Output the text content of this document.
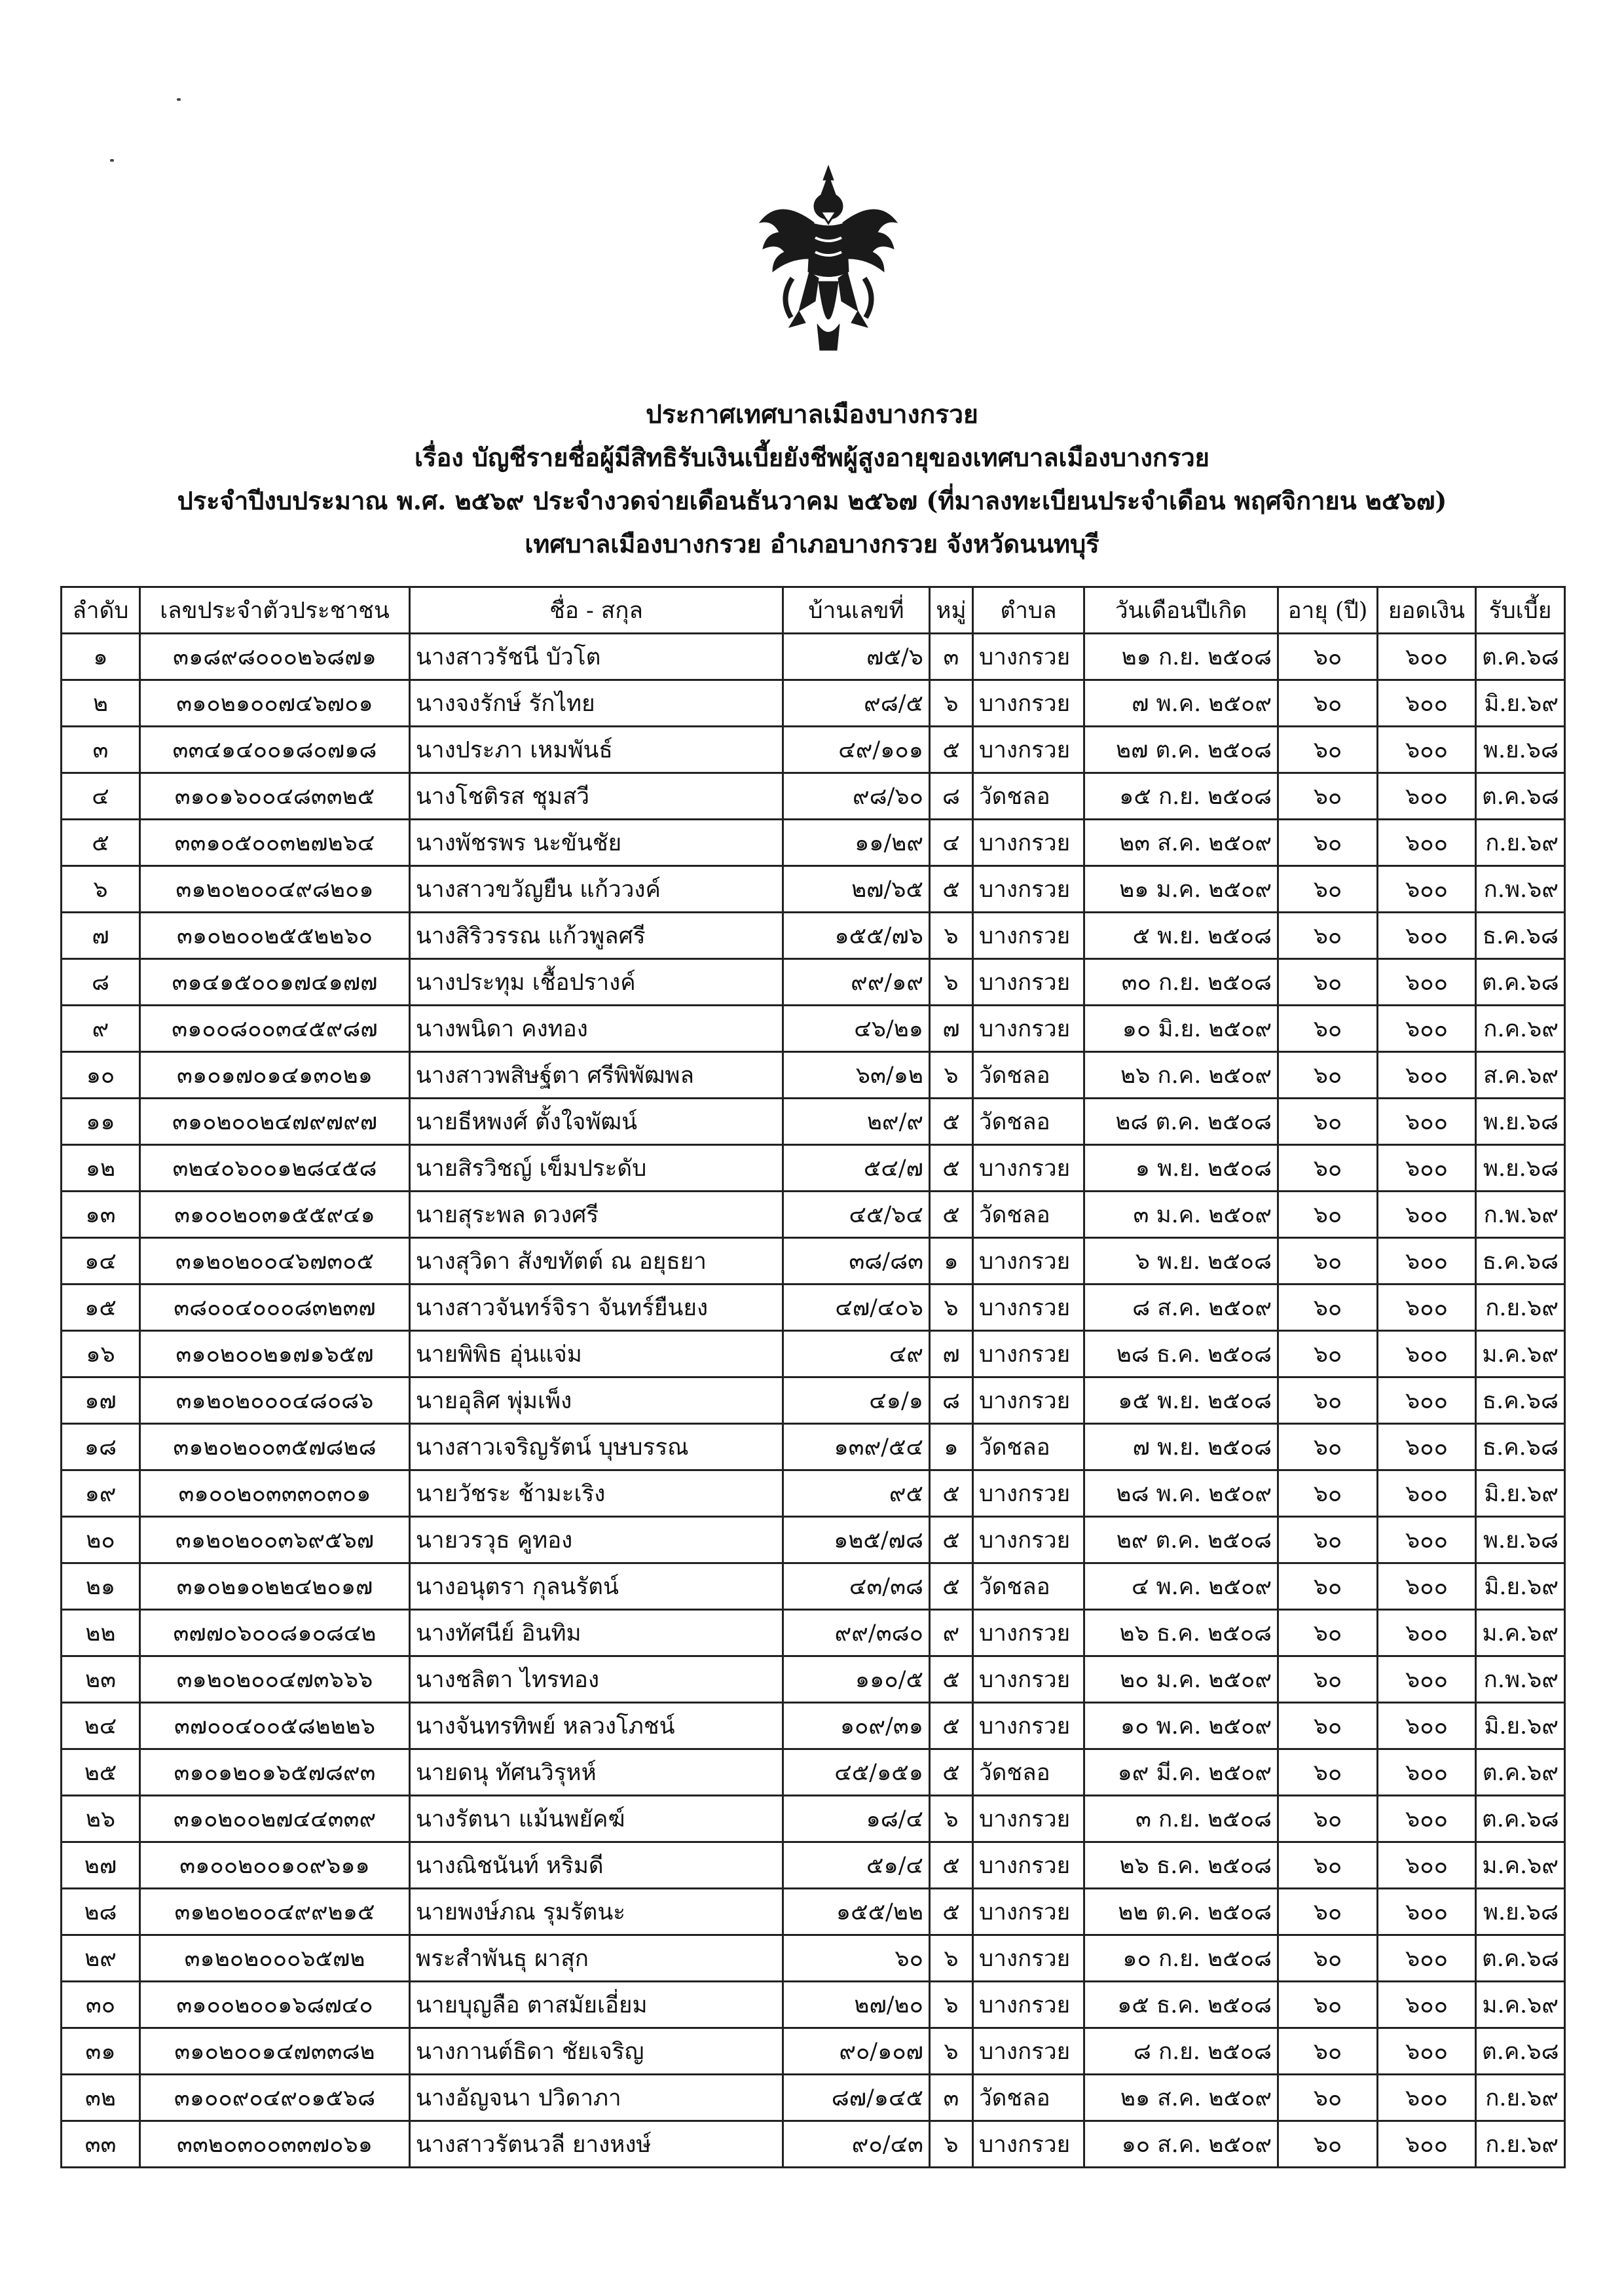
ประกาศเทศบาลเมืองบางกรวย
เรื่อง บัญชีรายชื่อผู้มีสิทธิรับเงินเบี้ยยังชีพผู้สูงอายุของเทศบาลเมืองบางกรวย
ประจำปีงบประมาณ พ.ศ. ๒๕๖๙ ประจำงวดจ่ายเดือนธันวาคม ๒๕๖๗ (ที่มาลงทะเบียนประจำเดือน พฤศจิกายน ๒๕๖๗)
เทศบาลเมืองบางกรวย อำเภอบางกรวย จังหวัดนนทบุรี
ลำดับ	เลขประจำตัวประชาชน	ชื่อ - สกุล	บ้านเลขที่	หมู่	ตำบล	วันเดือนปีเกิด	อายุ (ปี)	ยอดเงิน	รับเบี้ย
๑	๓๑๘๙๘๐๐๐๒๖๘๗๑	นางสาวรัชนี บัวโต	๗๕/๖	๓	บางกรวย	๒๑ ก.ย. ๒๕๐๘	๖๐	๖๐๐	ต.ค.๖๘
๒	๓๑๐๒๑๐๐๗๔๖๗๐๑	นางจงรักษ์ รักไทย	๙๘/๕	๖	บางกรวย	๗ พ.ค. ๒๕๐๙	๖๐	๖๐๐	มิ.ย.๖๙
๓	๓๓๔๑๔๐๐๑๘๐๗๑๘	นางประภา เหมพันธ์	๔๙/๑๐๑	๕	บางกรวย	๒๗ ต.ค. ๒๕๐๘	๖๐	๖๐๐	พ.ย.๖๘
๔	๓๑๐๑๖๐๐๔๘๓๓๒๕	นางโชติรส ชุมสวี	๙๘/๖๐	๘	วัดชลอ	๑๕ ก.ย. ๒๕๐๘	๖๐	๖๐๐	ต.ค.๖๘
๕	๓๓๑๐๕๐๐๓๒๗๒๖๔	นางพัชรพร นะขันชัย	๑๑/๒๙	๔	บางกรวย	๒๓ ส.ค. ๒๕๐๙	๖๐	๖๐๐	ก.ย.๖๙
๖	๓๑๒๐๒๐๐๔๙๘๒๐๑	นางสาวขวัญยืน แก้ววงค์	๒๗/๖๕	๕	บางกรวย	๒๑ ม.ค. ๒๕๐๙	๖๐	๖๐๐	ก.พ.๖๙
๗	๓๑๐๒๐๐๒๕๕๒๒๖๐	นางสิริวรรณ แก้วพูลศรี	๑๕๕/๗๖	๖	บางกรวย	๕ พ.ย. ๒๕๐๘	๖๐	๖๐๐	ธ.ค.๖๘
๘	๓๑๔๑๕๐๐๑๗๔๑๗๗	นางประทุม เชื้อปรางค์	๙๙/๑๙	๖	บางกรวย	๓๐ ก.ย. ๒๕๐๘	๖๐	๖๐๐	ต.ค.๖๘
๙	๓๑๐๐๘๐๐๓๔๕๙๘๗	นางพนิดา คงทอง	๔๖/๒๑	๗	บางกรวย	๑๐ มิ.ย. ๒๕๐๙	๖๐	๖๐๐	ก.ค.๖๙
๑๐	๓๑๐๑๗๐๑๔๑๓๐๒๑	นางสาวพสิษฐ์ตา ศรีพิพัฒพล	๖๓/๑๒	๖	วัดชลอ	๒๖ ก.ค. ๒๕๐๙	๖๐	๖๐๐	ส.ค.๖๙
๑๑	๓๑๐๒๐๐๒๔๗๙๗๙๗	นายธีหพงศ์ ตั้งใจพัฒน์	๒๙/๙	๕	วัดชลอ	๒๘ ต.ค. ๒๕๐๘	๖๐	๖๐๐	พ.ย.๖๘
๑๒	๓๒๔๐๖๐๐๑๒๘๔๕๘	นายสิรวิชญ์ เข็มประดับ	๕๔/๗	๕	บางกรวย	๑ พ.ย. ๒๕๐๘	๖๐	๖๐๐	พ.ย.๖๘
๑๓	๓๑๐๐๒๐๓๑๕๕๙๔๑	นายสุระพล ดวงศรี	๔๕/๖๔	๕	วัดชลอ	๓ ม.ค. ๒๕๐๙	๖๐	๖๐๐	ก.พ.๖๙
๑๔	๓๑๒๐๒๐๐๔๖๗๓๐๕	นางสุวิดา สังขทัตต์ ณ อยุธยา	๓๘/๘๓	๑	บางกรวย	๖ พ.ย. ๒๕๐๘	๖๐	๖๐๐	ธ.ค.๖๘
๑๕	๓๘๐๐๔๐๐๐๘๓๒๓๗	นางสาวจันทร์จิรา จันทร์ยืนยง	๔๗/๔๐๖	๖	บางกรวย	๘ ส.ค. ๒๕๐๙	๖๐	๖๐๐	ก.ย.๖๙
๑๖	๓๑๐๒๐๐๒๑๗๑๖๕๗	นายพิพิธ อุ่นแจ่ม	๔๙	๗	บางกรวย	๒๘ ธ.ค. ๒๕๐๘	๖๐	๖๐๐	ม.ค.๖๙
๑๗	๓๑๒๐๒๐๐๐๔๘๐๘๖	นายอุลิศ พุ่มเพ็ง	๔๑/๑	๘	บางกรวย	๑๕ พ.ย. ๒๕๐๘	๖๐	๖๐๐	ธ.ค.๖๘
๑๘	๓๑๒๐๒๐๐๓๕๗๘๒๘	นางสาวเจริญรัตน์ บุษบรรณ	๑๓๙/๕๔	๑	วัดชลอ	๗ พ.ย. ๒๕๐๘	๖๐	๖๐๐	ธ.ค.๖๘
๑๙	๓๑๐๐๒๐๓๓๓๐๓๐๑	นายวัชระ ช้ามะเริง	๙๕	๕	บางกรวย	๒๘ พ.ค. ๒๕๐๙	๖๐	๖๐๐	มิ.ย.๖๙
๒๐	๓๑๒๐๒๐๐๓๖๙๕๖๗	นายวรวุธ คูทอง	๑๒๕/๗๘	๕	บางกรวย	๒๙ ต.ค. ๒๕๐๘	๖๐	๖๐๐	พ.ย.๖๘
๒๑	๓๑๐๒๑๐๒๒๔๒๐๑๗	นางอนุตรา กุลนรัตน์	๔๓/๓๘	๕	วัดชลอ	๔ พ.ค. ๒๕๐๙	๖๐	๖๐๐	มิ.ย.๖๙
๒๒	๓๗๗๐๖๐๐๘๑๐๘๔๒	นางทัศนีย์ อินทิม	๙๙/๓๘๐	๙	บางกรวย	๒๖ ธ.ค. ๒๕๐๘	๖๐	๖๐๐	ม.ค.๖๙
๒๓	๓๑๒๐๒๐๐๔๗๓๖๖๖	นางชลิตา ไทรทอง	๑๑๐/๕	๕	บางกรวย	๒๐ ม.ค. ๒๕๐๙	๖๐	๖๐๐	ก.พ.๖๙
๒๔	๓๗๐๐๔๐๐๕๘๒๒๒๖	นางจันทรทิพย์ หลวงโภชน์	๑๐๙/๓๑	๕	บางกรวย	๑๐ พ.ค. ๒๕๐๙	๖๐	๖๐๐	มิ.ย.๖๙
๒๕	๓๑๐๑๒๐๑๖๕๗๘๙๓	นายดนุ ทัศนวิรุหห์	๔๕/๑๕๑	๕	วัดชลอ	๑๙ มี.ค. ๒๕๐๙	๖๐	๖๐๐	ต.ค.๖๙
๒๖	๓๑๐๒๐๐๒๗๔๔๓๓๙	นางรัตนา แม้นพยัคฆ์	๑๘/๔	๖	บางกรวย	๓ ก.ย. ๒๕๐๘	๖๐	๖๐๐	ต.ค.๖๘
๒๗	๓๑๐๐๒๐๐๑๐๙๖๑๑	นางณิชนันท์ หริมดี	๕๑/๔	๕	บางกรวย	๒๖ ธ.ค. ๒๕๐๘	๖๐	๖๐๐	ม.ค.๖๙
๒๘	๓๑๒๐๒๐๐๔๙๙๒๑๕	นายพงษ์ภณ รุมรัตนะ	๑๕๕/๒๒	๕	บางกรวย	๒๒ ต.ค. ๒๕๐๘	๖๐	๖๐๐	พ.ย.๖๘
๒๙	๓๑๒๐๒๐๐๐๖๕๗๒	พระสำพันธุ ผาสุก	๖๐	๖	บางกรวย	๑๐ ก.ย. ๒๕๐๘	๖๐	๖๐๐	ต.ค.๖๘
๓๐	๓๑๐๐๒๐๐๑๖๘๗๔๐	นายบุญลือ ตาสมัยเอี่ยม	๒๗/๒๐	๖	บางกรวย	๑๕ ธ.ค. ๒๕๐๘	๖๐	๖๐๐	ม.ค.๖๙
๓๑	๓๑๐๒๐๐๑๔๗๓๓๘๒	นางกานต์ธิดา ชัยเจริญ	๙๐/๑๐๗	๖	บางกรวย	๘ ก.ย. ๒๕๐๘	๖๐	๖๐๐	ต.ค.๖๘
๓๒	๓๑๐๐๙๐๔๙๐๑๕๖๘	นางอัญจนา ปวิดาภา	๘๗/๑๔๕	๓	วัดชลอ	๒๑ ส.ค. ๒๕๐๙	๖๐	๖๐๐	ก.ย.๖๙
๓๓	๓๓๒๐๓๐๐๓๓๗๐๖๑	นางสาวรัตนวลี ยางหงษ์	๙๐/๔๓	๖	บางกรวย	๑๐ ส.ค. ๒๕๐๙	๖๐	๖๐๐	ก.ย.๖๙
